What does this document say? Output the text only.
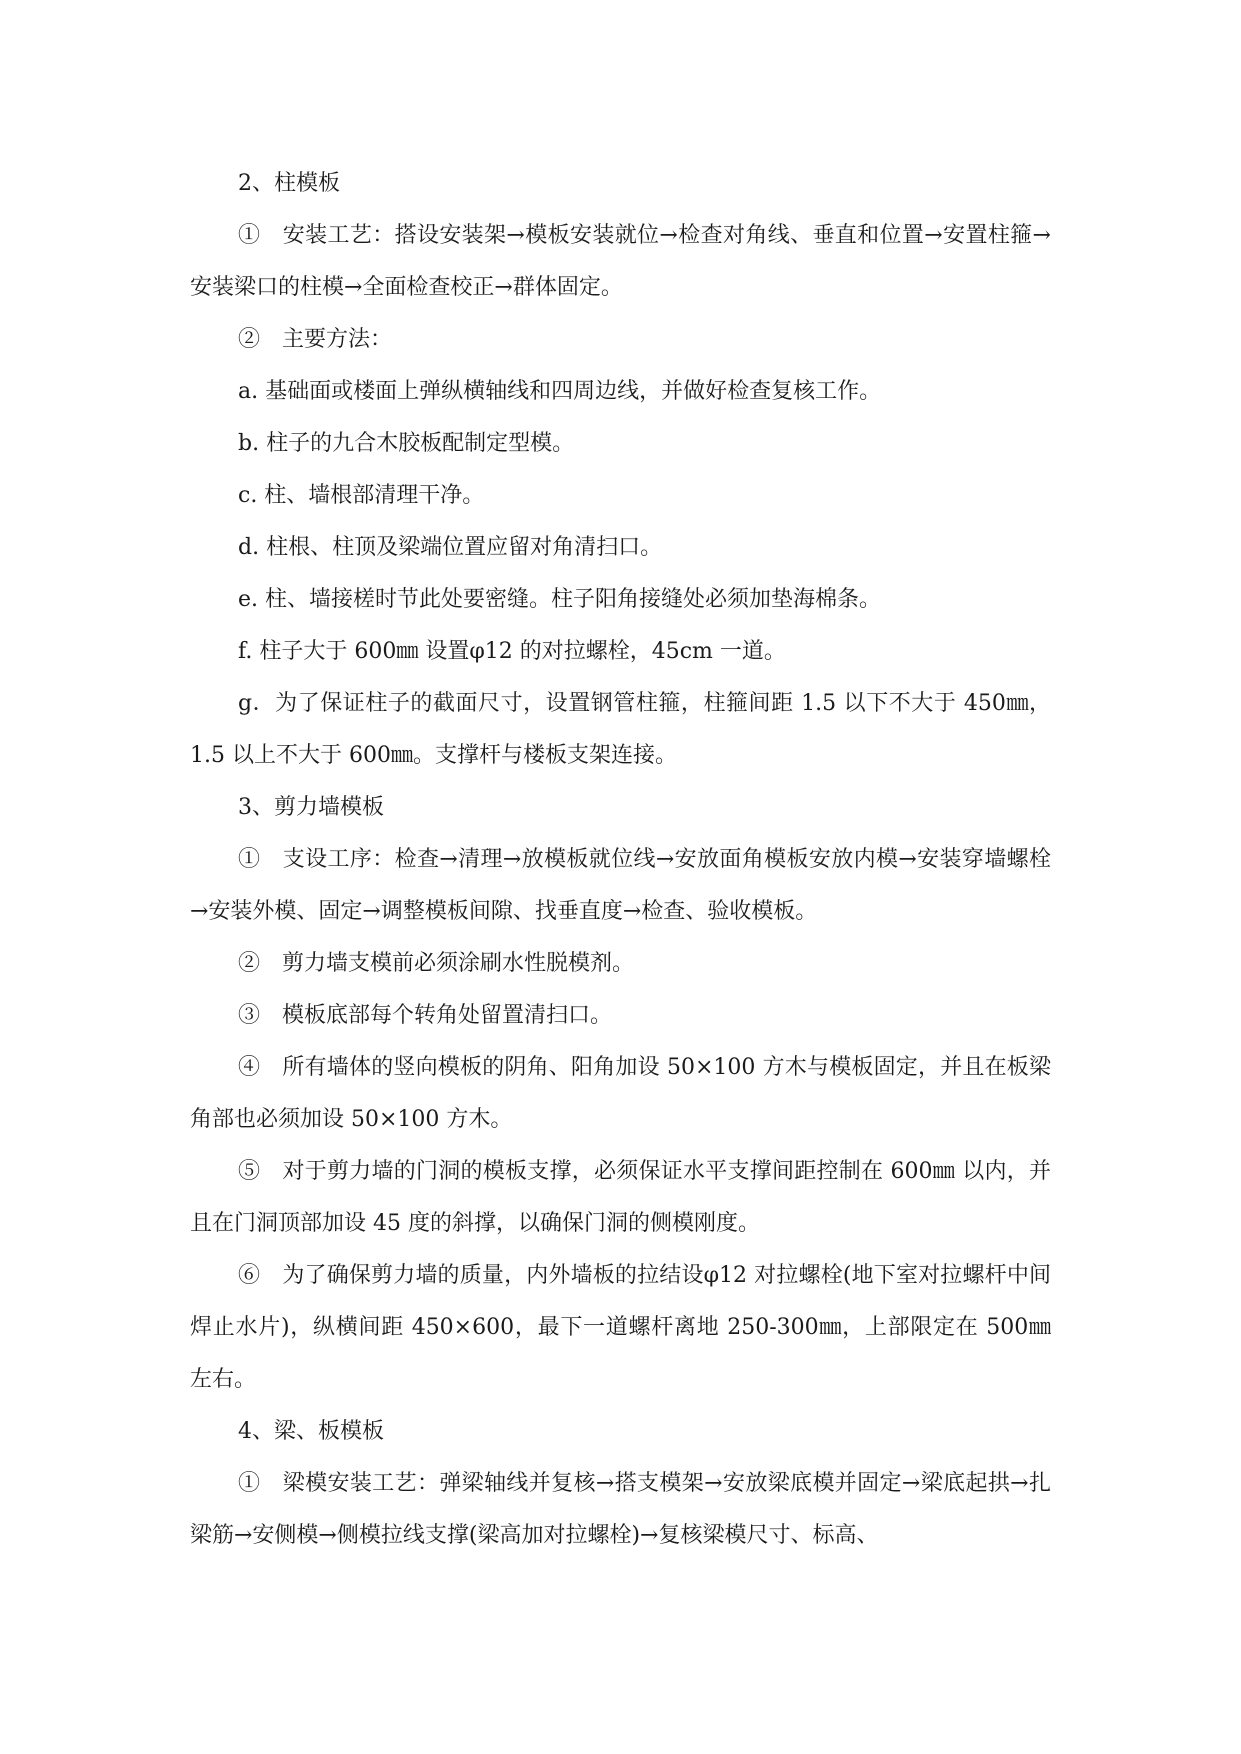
2、柱模板

①　安装工艺：搭设安装架→模板安装就位→检查对角线、垂直和位置→安置柱箍→安装梁口的柱模→全面检查校正→群体固定。

②　主要方法：

a. 基础面或楼面上弹纵横轴线和四周边线，并做好检查复核工作。

b. 柱子的九合木胶板配制定型模。

c. 柱、墙根部清理干净。

d. 柱根、柱顶及梁端位置应留对角清扫口。

e. 柱、墙接槎时节此处要密缝。柱子阳角接缝处必须加垫海棉条。

f. 柱子大于 600㎜ 设置φ12 的对拉螺栓，45cm 一道。

g．为了保证柱子的截面尺寸，设置钢管柱箍，柱箍间距 1.5 以下不大于 450㎜，1.5 以上不大于 600㎜。支撑杆与楼板支架连接。

3、剪力墙模板

①　支设工序：检查→清理→放模板就位线→安放面角模板安放内模→安装穿墙螺栓→安装外模、固定→调整模板间隙、找垂直度→检查、验收模板。

②　剪力墙支模前必须涂刷水性脱模剂。

③　模板底部每个转角处留置清扫口。

④　所有墙体的竖向模板的阴角、阳角加设 50×100 方木与模板固定，并且在板梁角部也必须加设 50×100 方木。

⑤　对于剪力墙的门洞的模板支撑，必须保证水平支撑间距控制在 600㎜ 以内，并且在门洞顶部加设 45 度的斜撑，以确保门洞的侧模刚度。

⑥　为了确保剪力墙的质量，内外墙板的拉结设φ12 对拉螺栓(地下室对拉螺杆中间焊止水片)，纵横间距 450×600，最下一道螺杆离地 250-300㎜，上部限定在 500㎜ 左右。

4、梁、板模板

①　梁模安装工艺：弹梁轴线并复核→搭支模架→安放梁底模并固定→梁底起拱→扎梁筋→安侧模→侧模拉线支撑(梁高加对拉螺栓)→复核梁模尺寸、标高、
